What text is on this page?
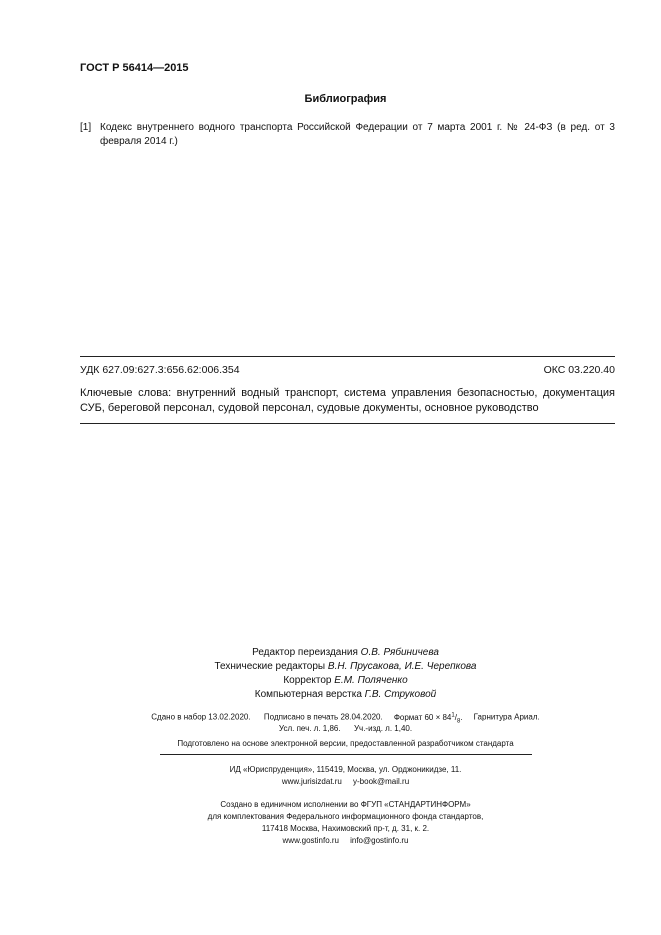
ГОСТ Р 56414—2015
Библиография
[1] Кодекс внутреннего водного транспорта Российской Федерации от 7 марта 2001 г. № 24-ФЗ (в ред. от 3 февраля 2014 г.)
УДК 627.09:627.3:656.62:006.354	ОКС 03.220.40
Ключевые слова: внутренний водный транспорт, система управления безопасностью, документация СУБ, береговой персонал, судовой персонал, судовые документы, основное руководство
Редактор переиздания О.В. Рябиничева
Технические редакторы В.Н. Прусакова, И.Е. Черепкова
Корректор Е.М. Поляченко
Компьютерная верстка Г.В. Струковой
Сдано в набор 13.02.2020. Подписано в печать 28.04.2020. Формат $60 \times 84^1/_8$. Гарнитура Ариал.
Усл. печ. л. 1,86. Уч.-изд. л. 1,40.
Подготовлено на основе электронной версии, предоставленной разработчиком стандарта
ИД «Юриспруденция», 115419, Москва, ул. Орджоникидзе, 11.
www.jurisizdat.ru y-book@mail.ru
Создано в единичном исполнении во ФГУП «СТАНДАРТИНФОРМ»
для комплектования Федерального информационного фонда стандартов,
117418 Москва, Нахимовский пр-т, д. 31, к. 2.
www.gostinfo.ru info@gostinfo.ru
